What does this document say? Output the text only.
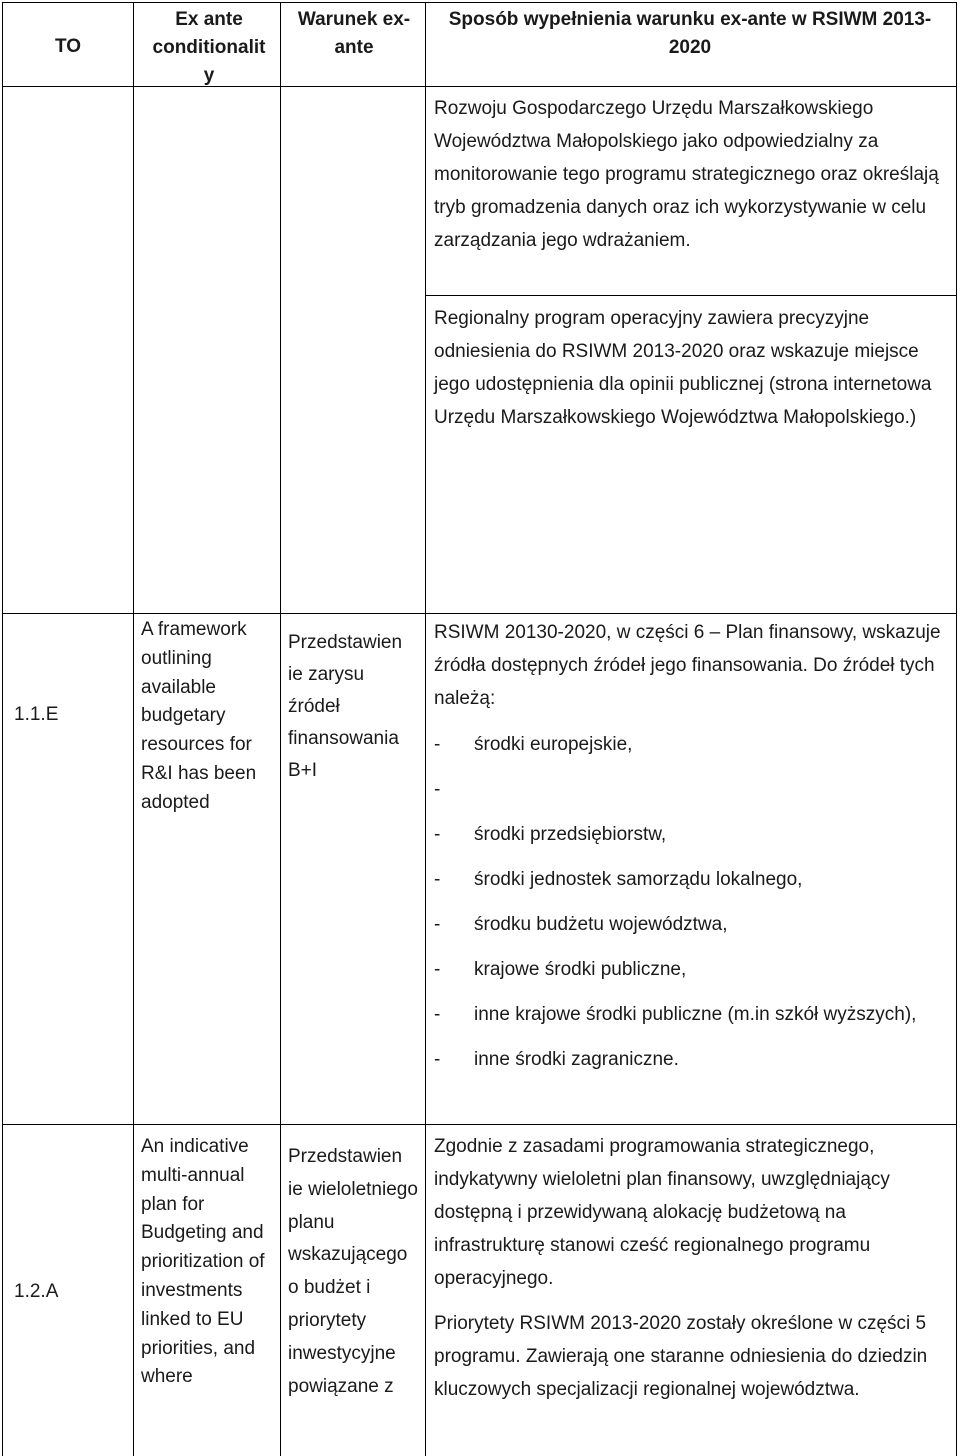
TO
Ex ante conditionalit y
Warunek ex-ante
Sposób wypełnienia warunku ex-ante w RSIWM 2013-2020

Rozwoju Gospodarczego Urzędu Marszałkowskiego Województwa Małopolskiego jako odpowiedzialny za monitorowanie tego programu strategicznego oraz określają tryb gromadzenia danych oraz ich wykorzystywanie w celu zarządzania jego wdrażaniem.

Regionalny program operacyjny zawiera precyzyjne odniesienia do RSIWM 2013-2020 oraz wskazuje miejsce jego udostępnienia dla opinii publicznej (strona internetowa Urzędu Marszałkowskiego Województwa Małopolskiego.)

1.1.E
A framework outlining available budgetary resources for R&I has been adopted
Przedstawien ie zarysu źródeł finansowania B+I

RSIWM 20130-2020, w części 6 – Plan finansowy, wskazuje źródła dostępnych źródeł jego finansowania. Do źródeł tych należą:

- środki europejskie,
-
- środki przedsiębiorstw,
- środki jednostek samorządu lokalnego,
- środku budżetu województwa,
- krajowe środki publiczne,
- inne krajowe środki publiczne (m.in szkół wyższych),
- inne środki zagraniczne.
1.2.A
An indicative multi-annual plan for Budgeting and prioritization of investments linked to EU priorities, and where
Przedstawien ie wieloletniego planu wskazującego o budżet i priorytety inwestycyjne powiązane z

Zgodnie z zasadami programowania strategicznego, indykatywny wieloletni plan finansowy, uwzględniający dostępną i przewidywaną alokację budżetową na infrastrukturę stanowi cześć regionalnego programu operacyjnego.

Priorytety RSIWM 2013-2020 zostały określone w części 5 programu. Zawierają one staranne odniesienia do dziedzin kluczowych specjalizacji regionalnej województwa.
